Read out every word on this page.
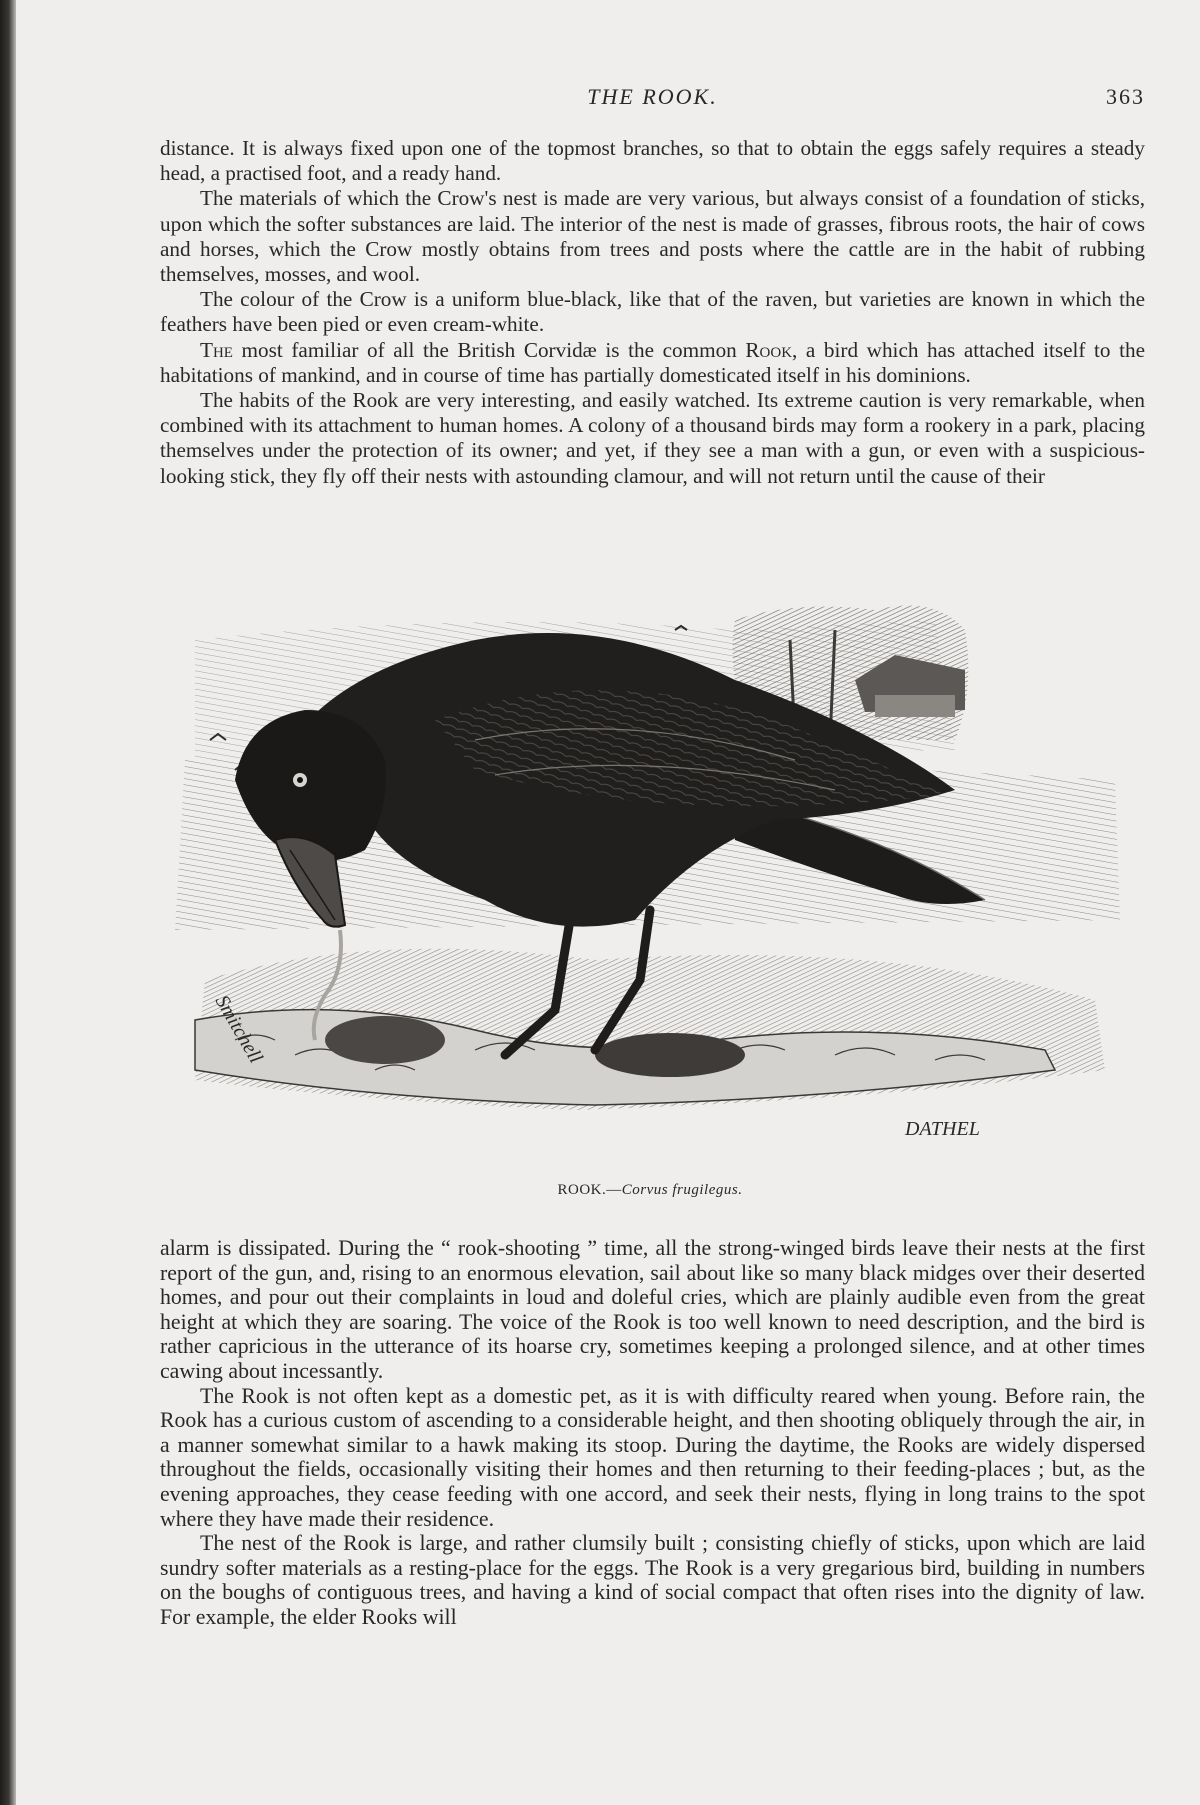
THE ROOK.	363

distance. It is always fixed upon one of the topmost branches, so that to obtain the eggs safely requires a steady head, a practised foot, and a ready hand.

The materials of which the Crow's nest is made are very various, but always consist of a foundation of sticks, upon which the softer substances are laid. The interior of the nest is made of grasses, fibrous roots, the hair of cows and horses, which the Crow mostly obtains from trees and posts where the cattle are in the habit of rubbing themselves, mosses, and wool.

The colour of the Crow is a uniform blue-black, like that of the raven, but varieties are known in which the feathers have been pied or even cream-white.

The most familiar of all the British Corvidæ is the common Rook, a bird which has attached itself to the habitations of mankind, and in course of time has partially domesticated itself in his dominions.

The habits of the Rook are very interesting, and easily watched. Its extreme caution is very remarkable, when combined with its attachment to human homes. A colony of a thousand birds may form a rookery in a park, placing themselves under the protection of its owner; and yet, if they see a man with a gun, or even with a suspicious-looking stick, they fly off their nests with astounding clamour, and will not return until the cause of their

Smitchell
DATHEL
ROOK.—Corvus frugilegus.

alarm is dissipated. During the “ rook-shooting ” time, all the strong-winged birds leave their nests at the first report of the gun, and, rising to an enormous elevation, sail about like so many black midges over their deserted homes, and pour out their complaints in loud and doleful cries, which are plainly audible even from the great height at which they are soaring. The voice of the Rook is too well known to need description, and the bird is rather capricious in the utterance of its hoarse cry, sometimes keeping a prolonged silence, and at other times cawing about incessantly.

The Rook is not often kept as a domestic pet, as it is with difficulty reared when young. Before rain, the Rook has a curious custom of ascending to a considerable height, and then shooting obliquely through the air, in a manner somewhat similar to a hawk making its stoop. During the daytime, the Rooks are widely dispersed throughout the fields, occasionally visiting their homes and then returning to their feeding-places ; but, as the evening approaches, they cease feeding with one accord, and seek their nests, flying in long trains to the spot where they have made their residence.

The nest of the Rook is large, and rather clumsily built ; consisting chiefly of sticks, upon which are laid sundry softer materials as a resting-place for the eggs. The Rook is a very gregarious bird, building in numbers on the boughs of contiguous trees, and having a kind of social compact that often rises into the dignity of law. For example, the elder Rooks will
